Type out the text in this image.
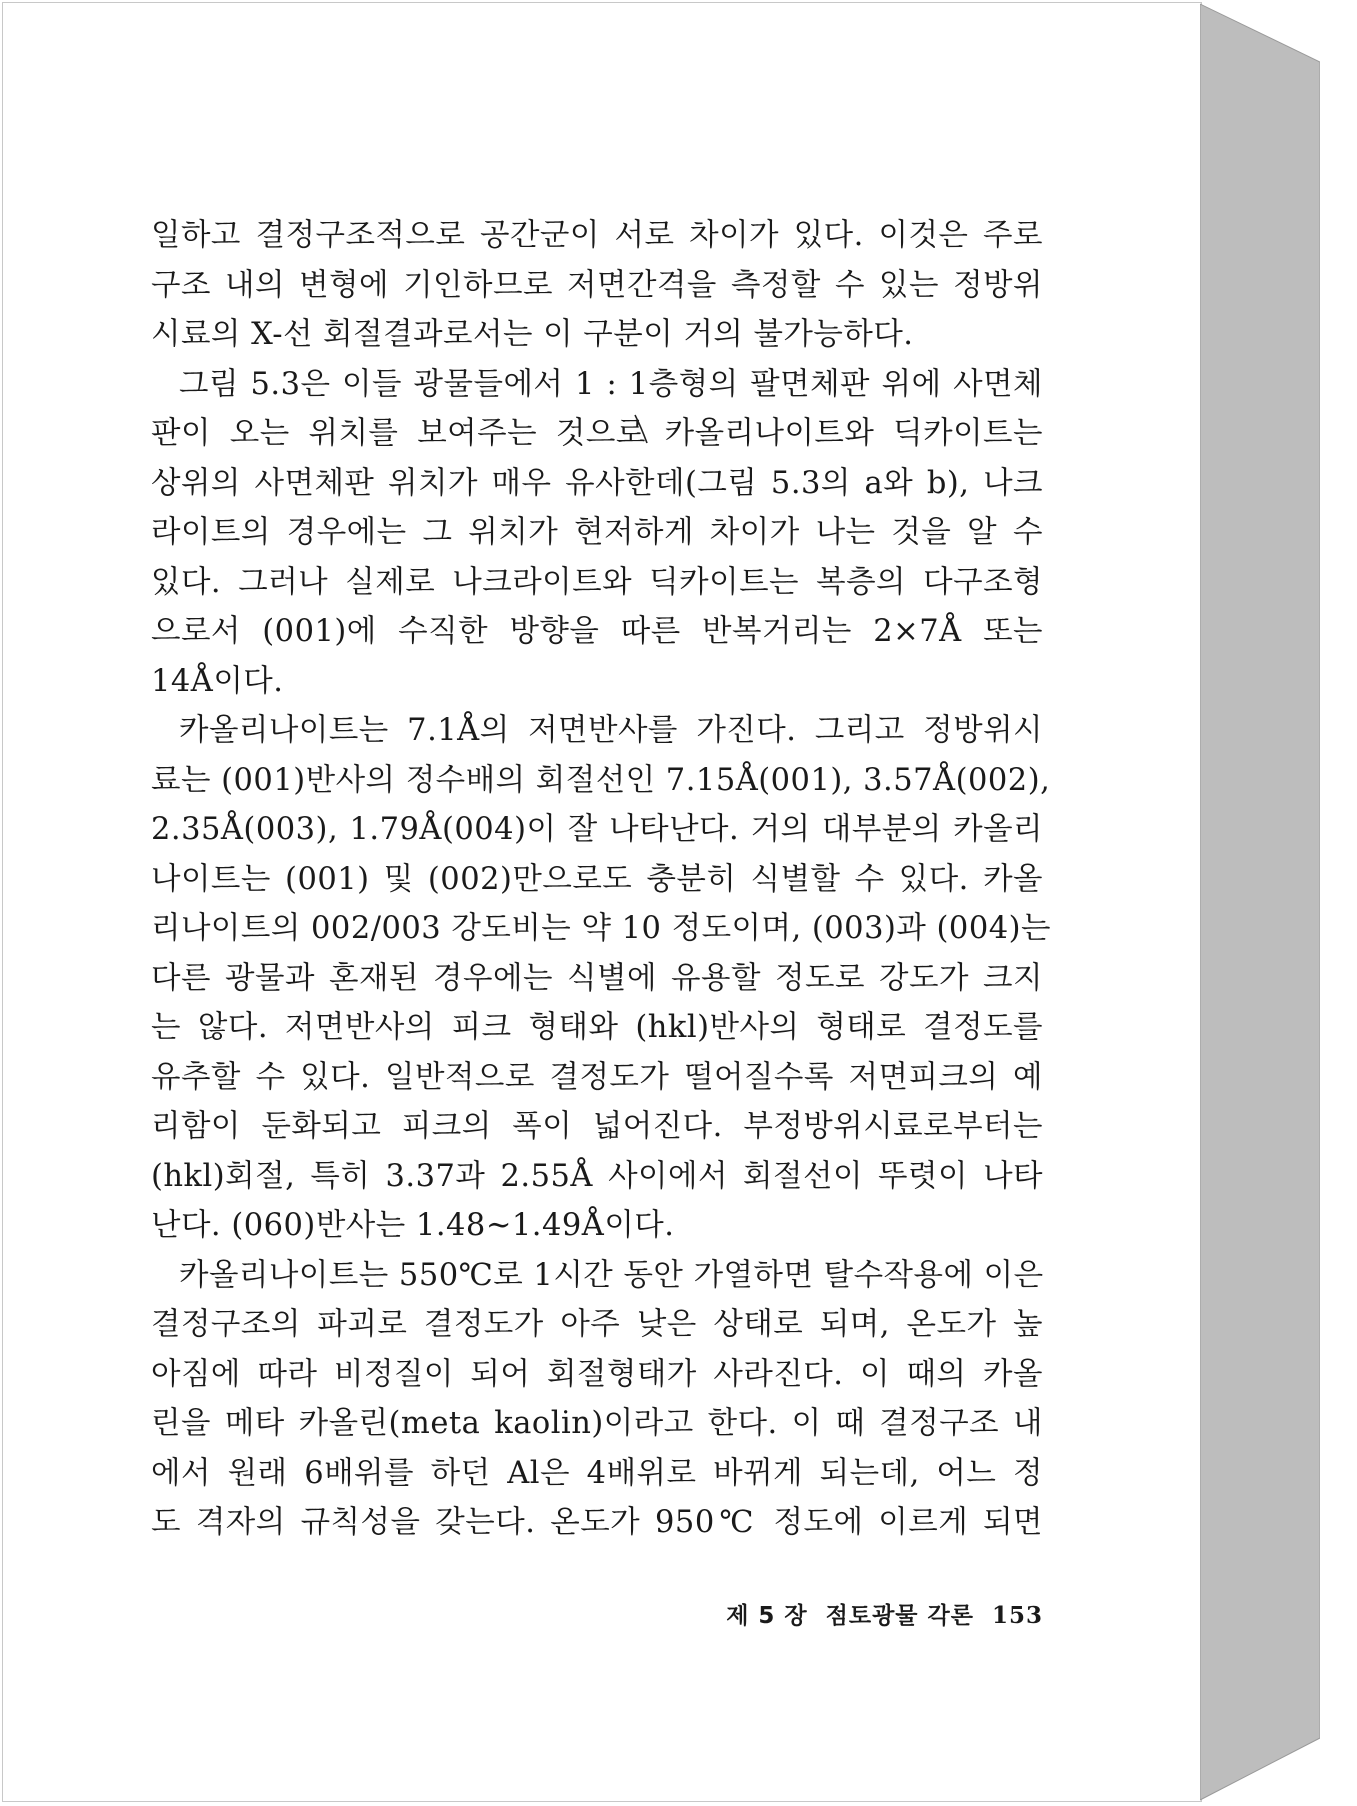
일하고 결정구조적으로 공간군이 서로 차이가 있다. 이것은 주로
구조 내의 변형에 기인하므로 저면간격을 측정할 수 있는 정방위
시료의 X-선 회절결과로서는 이 구분이 거의 불가능하다.
그림 5.3은 이들 광물들에서 1 : 1층형의 팔면체판 위에 사면체
판이 오는 위치를 보여주는 것으로 카올리나이트와 딕카이트는
상위의 사면체판 위치가 매우 유사한데(그림 5.3의 a와 b), 나크
라이트의 경우에는 그 위치가 현저하게 차이가 나는 것을 알 수
있다. 그러나 실제로 나크라이트와 딕카이트는 복층의 다구조형
으로서 (001)에 수직한 방향을 따른 반복거리는 2×7Å 또는
14Å이다.
카올리나이트는 7.1Å의 저면반사를 가진다. 그리고 정방위시
료는 (001)반사의 정수배의 회절선인 7.15Å(001), 3.57Å(002),
2.35Å(003), 1.79Å(004)이 잘 나타난다. 거의 대부분의 카올리
나이트는 (001) 및 (002)만으로도 충분히 식별할 수 있다. 카올
리나이트의 002/003 강도비는 약 10 정도이며, (003)과 (004)는
다른 광물과 혼재된 경우에는 식별에 유용할 정도로 강도가 크지
는 않다. 저면반사의 피크 형태와 (hkl)반사의 형태로 결정도를
유추할 수 있다. 일반적으로 결정도가 떨어질수록 저면피크의 예
리함이 둔화되고 피크의 폭이 넓어진다. 부정방위시료로부터는
(hkl)회절, 특히 3.37과 2.55Å 사이에서 회절선이 뚜렷이 나타
난다. (060)반사는 1.48~1.49Å이다.
카올리나이트는 550℃로 1시간 동안 가열하면 탈수작용에 이은
결정구조의 파괴로 결정도가 아주 낮은 상태로 되며, 온도가 높
아짐에 따라 비정질이 되어 회절형태가 사라진다. 이 때의 카올
린을 메타 카올린(meta kaolin)이라고 한다. 이 때 결정구조 내
에서 원래 6배위를 하던 Al은 4배위로 바뀌게 되는데, 어느 정
도 격자의 규칙성을 갖는다. 온도가 950℃ 정도에 이르게 되면
제 5 장 점토광물 각론 153
